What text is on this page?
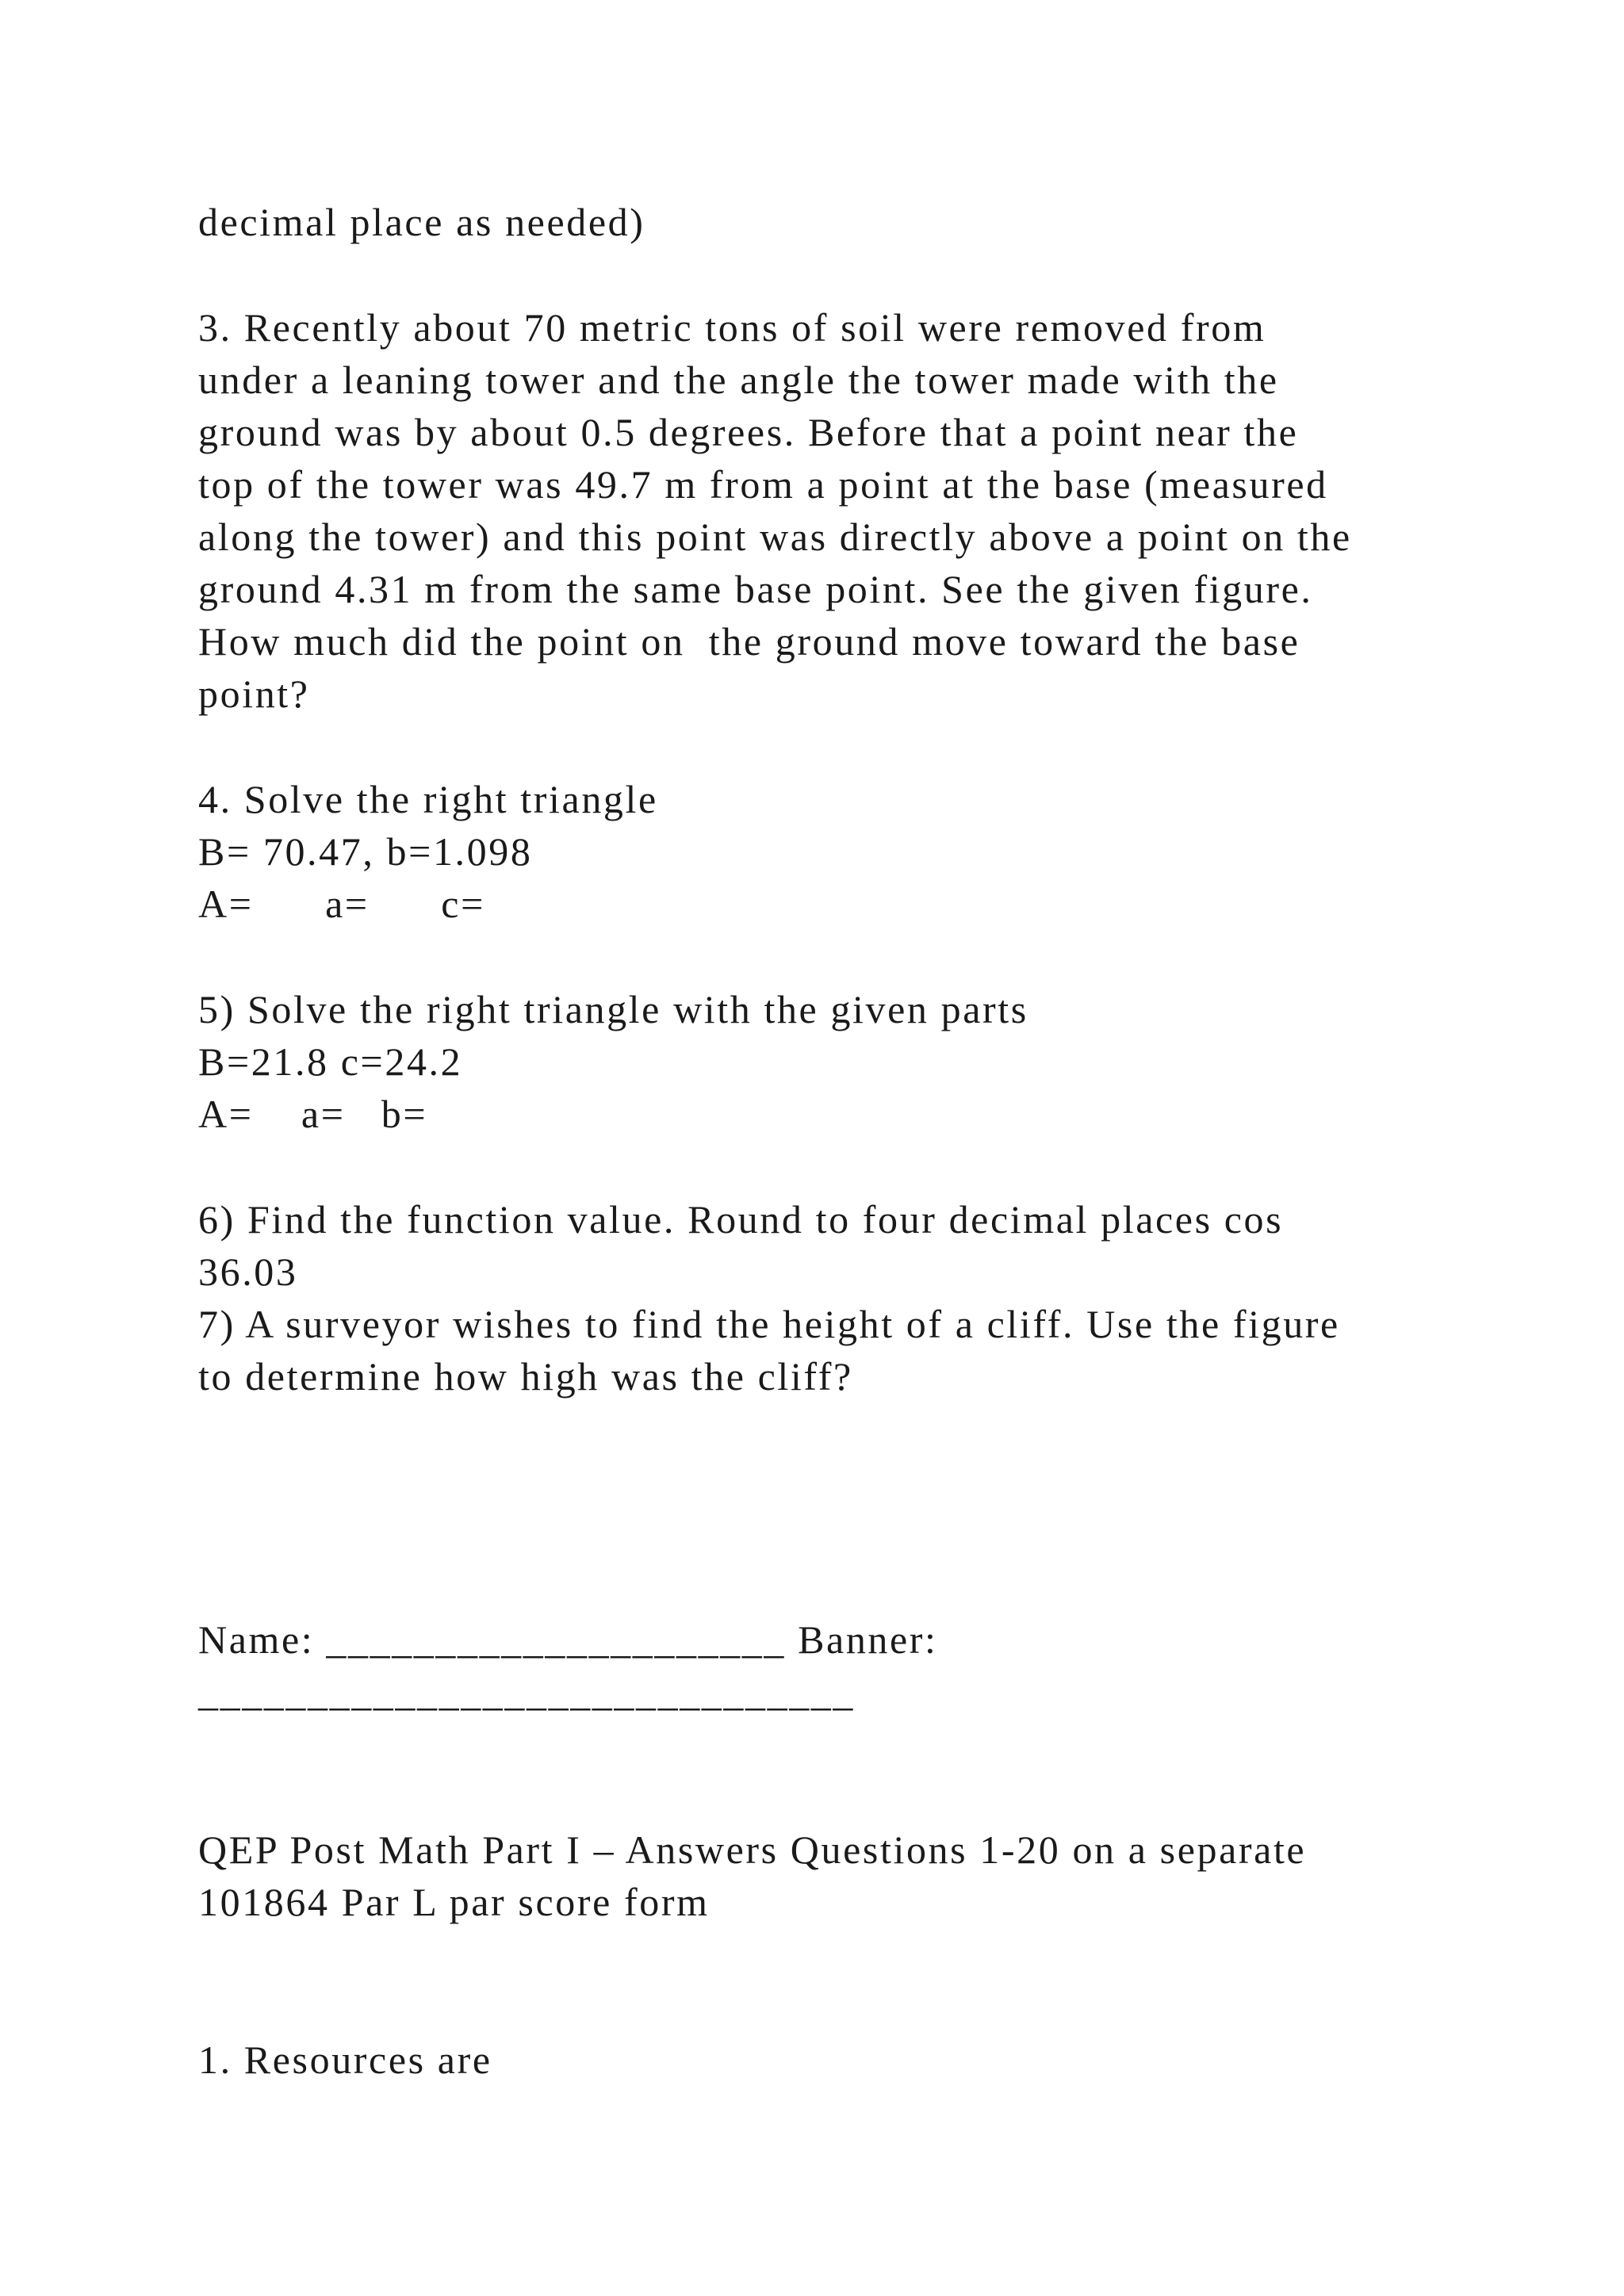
decimal place as needed)
3. Recently about 70 metric tons of soil were removed from
under a leaning tower and the angle the tower made with the
ground was by about 0.5 degrees. Before that a point near the
top of the tower was 49.7 m from a point at the base (measured
along the tower) and this point was directly above a point on the
ground 4.31 m from the same base point. See the given figure.
How much did the point on  the ground move toward the base
point?
4. Solve the right triangle
B= 70.47, b=1.098
A=      a=      c=
5) Solve the right triangle with the given parts
B=21.8 c=24.2
A=    a=   b=
6) Find the function value. Round to four decimal places cos
36.03
7) A surveyor wishes to find the height of a cliff. Use the figure
to determine how high was the cliff?
Name: _____________________ Banner:
______________________________
QEP Post Math Part I – Answers Questions 1-20 on a separate
101864 Par L par score form
1. Resources are
